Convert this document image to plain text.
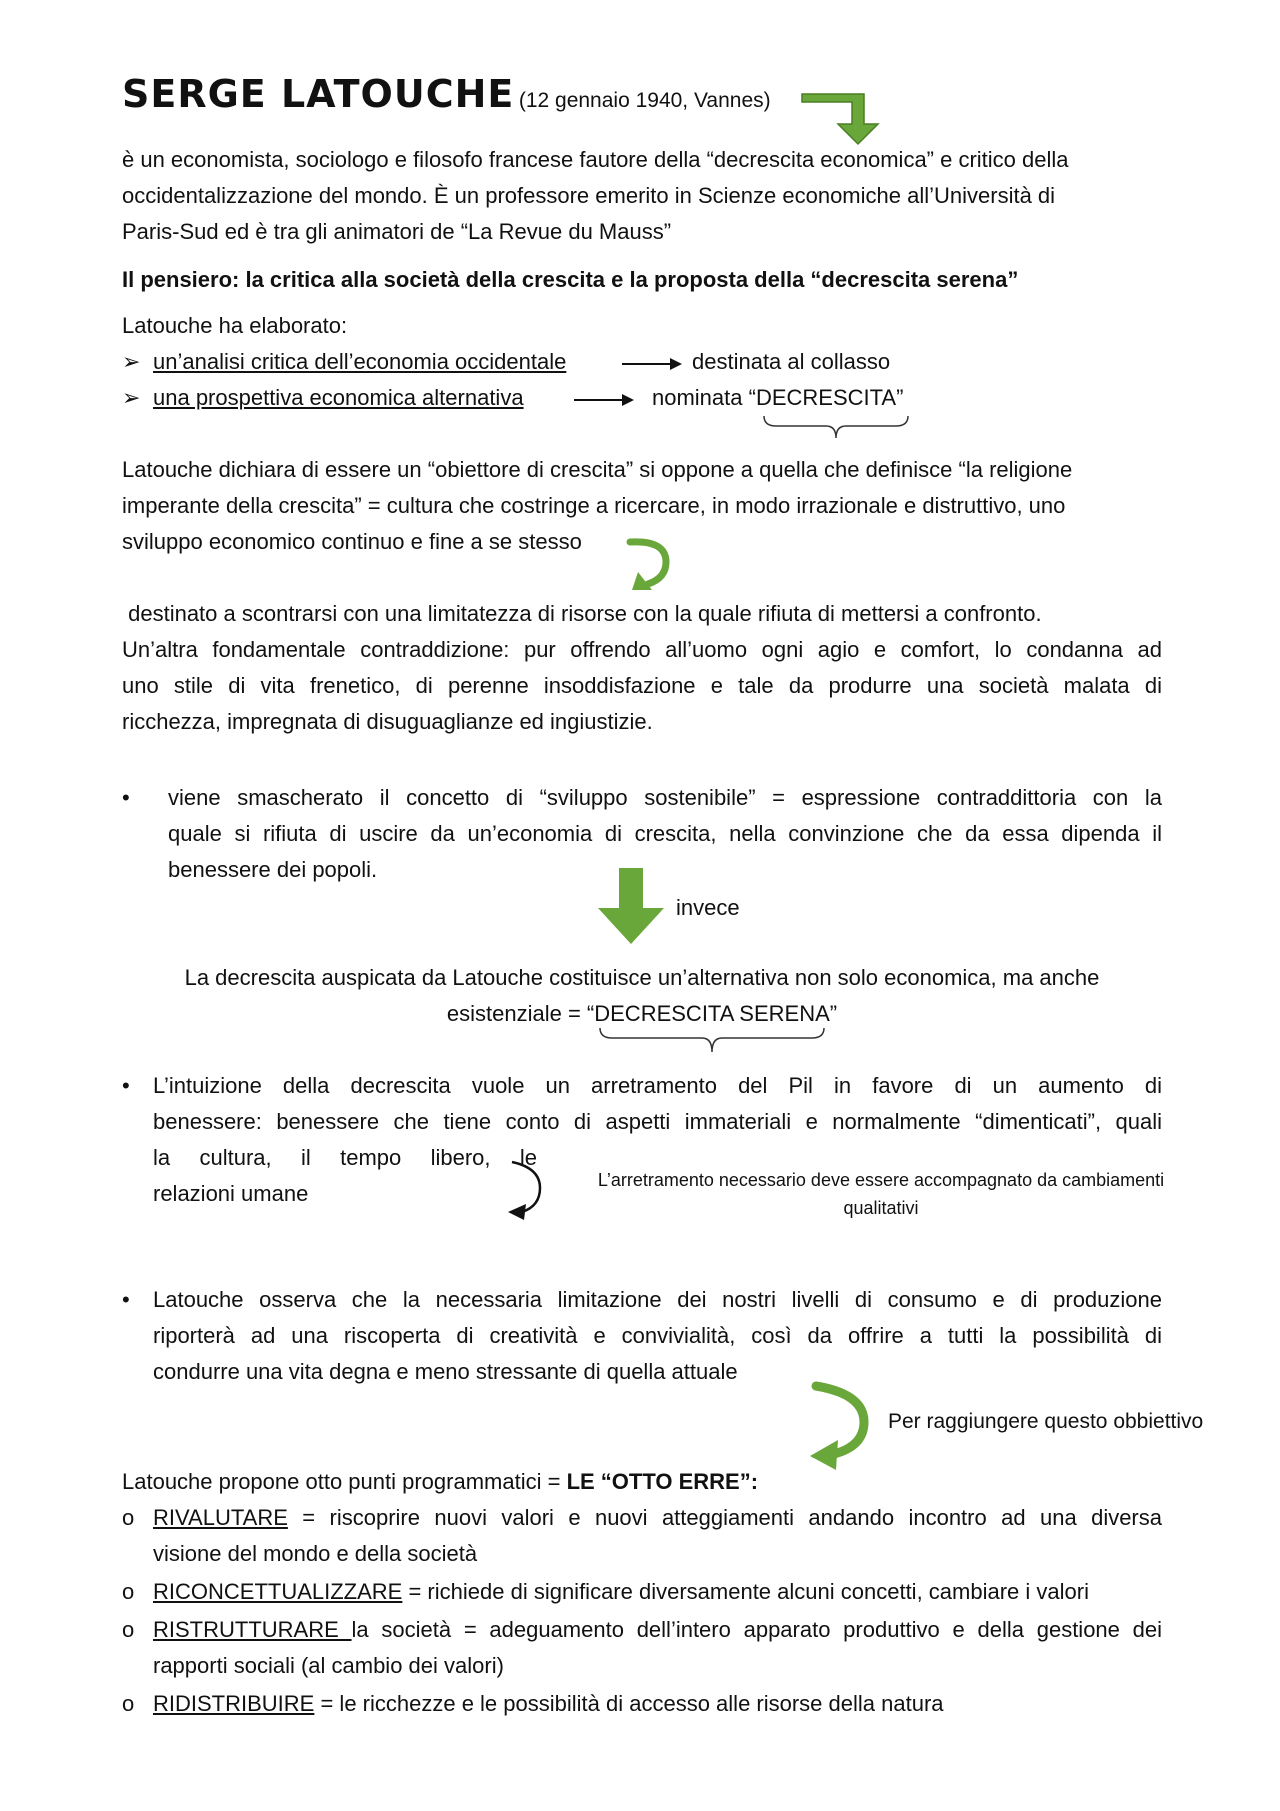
SERGE LATOUCHE (12 gennaio 1940, Vannes)
è un economista, sociologo e filosofo francese fautore della “decrescita economica” e critico della
occidentalizzazione del mondo. È un professore emerito in Scienze economiche all’Università di
Paris-Sud ed è tra gli animatori de “La Revue du Mauss”
Il pensiero: la critica alla società della crescita e la proposta della “decrescita serena”
Latouche ha elaborato:
➢ un’analisi critica dell’economia occidentale	destinata al collasso
➢ una prospettiva economica alternativa	nominata “DECRESCITA”
Latouche dichiara di essere un “obiettore di crescita” si oppone a quella che definisce “la religione
imperante della crescita” = cultura che costringe a ricercare, in modo irrazionale e distruttivo, uno
sviluppo economico continuo e fine a se stesso
destinato a scontrarsi con una limitatezza di risorse con la quale rifiuta di mettersi a confronto.
Un’altra fondamentale contraddizione: pur offrendo all’uomo ogni agio e comfort, lo condanna ad
uno stile di vita frenetico, di perenne insoddisfazione e tale da produrre una società malata di
ricchezza, impregnata di disuguaglianze ed ingiustizie.
• viene smascherato il concetto di “sviluppo sostenibile” = espressione contraddittoria con la
quale si rifiuta di uscire da un’economia di crescita, nella convinzione che da essa dipenda il
benessere dei popoli.
invece
La decrescita auspicata da Latouche costituisce un’alternativa non solo economica, ma anche
esistenziale = “DECRESCITA SERENA”
• L’intuizione della decrescita vuole un arretramento del Pil in favore di un aumento di
benessere: benessere che tiene conto di aspetti immateriali e normalmente “dimenticati”, quali
la cultura, il tempo libero, le
relazioni umane
L’arretramento necessario deve essere accompagnato da cambiamenti
qualitativi
• Latouche osserva che la necessaria limitazione dei nostri livelli di consumo e di produzione
riporterà ad una riscoperta di creatività e convivialità, così da offrire a tutti la possibilità di
condurre una vita degna e meno stressante di quella attuale
Per raggiungere questo obbiettivo
Latouche propone otto punti programmatici = LE “OTTO ERRE”:
o RIVALUTARE = riscoprire nuovi valori e nuovi atteggiamenti andando incontro ad una diversa
visione del mondo e della società
o RICONCETTUALIZZARE = richiede di significare diversamente alcuni concetti, cambiare i valori
o RISTRUTTURARE la società = adeguamento dell’intero apparato produttivo e della gestione dei
rapporti sociali (al cambio dei valori)
o RIDISTRIBUIRE = le ricchezze e le possibilità di accesso alle risorse della natura
